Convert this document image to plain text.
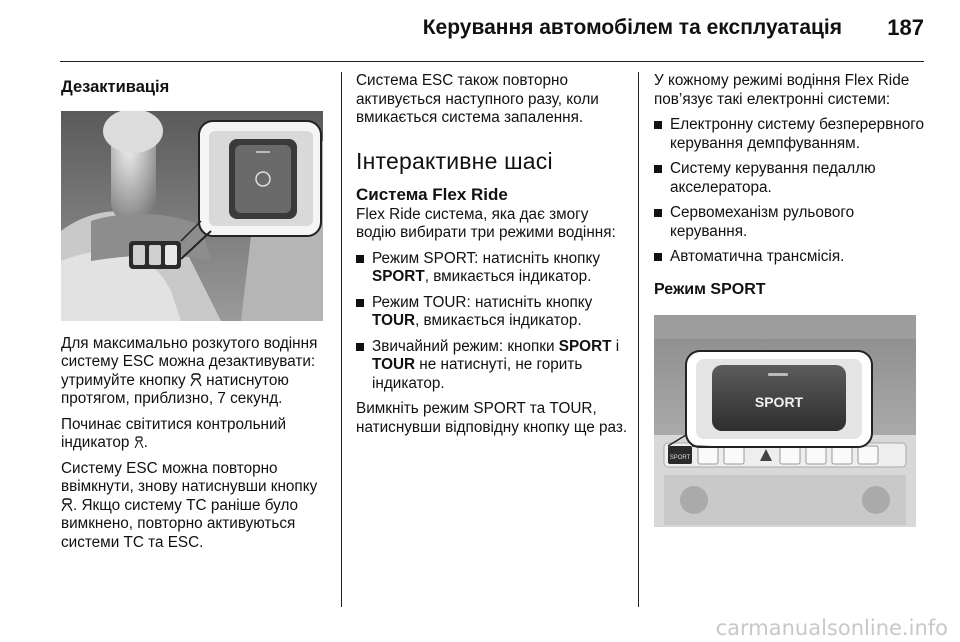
Керування автомобілем та експлуатація 187
Дезактивація

Для максимально розкутого водіння систему ESC можна дезактивувати: утримуйте кнопку натиснутою протягом, приблизно, 7 секунд.

Починає світитися контрольний індикатор .

Систему ESC можна повторно ввімкнути, знову натиснувши кнопку . Якщо систему TC раніше було вимкнено, повторно активуються системи TC та ESC.

Система ESC також повторно активується наступного разу, коли вмикається система запалення.

Інтерактивне шасі
Система Flex Ride

Flex Ride система, яка дає змогу водію вибирати три режими водіння:

Режим SPORT: натисніть кнопку SPORT, вмикається індикатор.
Режим TOUR: натисніть кнопку TOUR, вмикається індикатор.
Звичайний режим: кнопки SPORT і TOUR не натиснуті, не горить індикатор.

Вимкніть режим SPORT та TOUR, натиснувши відповідну кнопку ще раз.

У кожному режимі водіння Flex Ride пов’язує такі електронні системи:

Електронну систему безперервного керування демпфуванням.
Систему керування педаллю акселератора.
Сервомеханізм рульового керування.
Автоматична трансмісія.
Режим SPORT
SPORT
SPORT
carmanualsonline.info
